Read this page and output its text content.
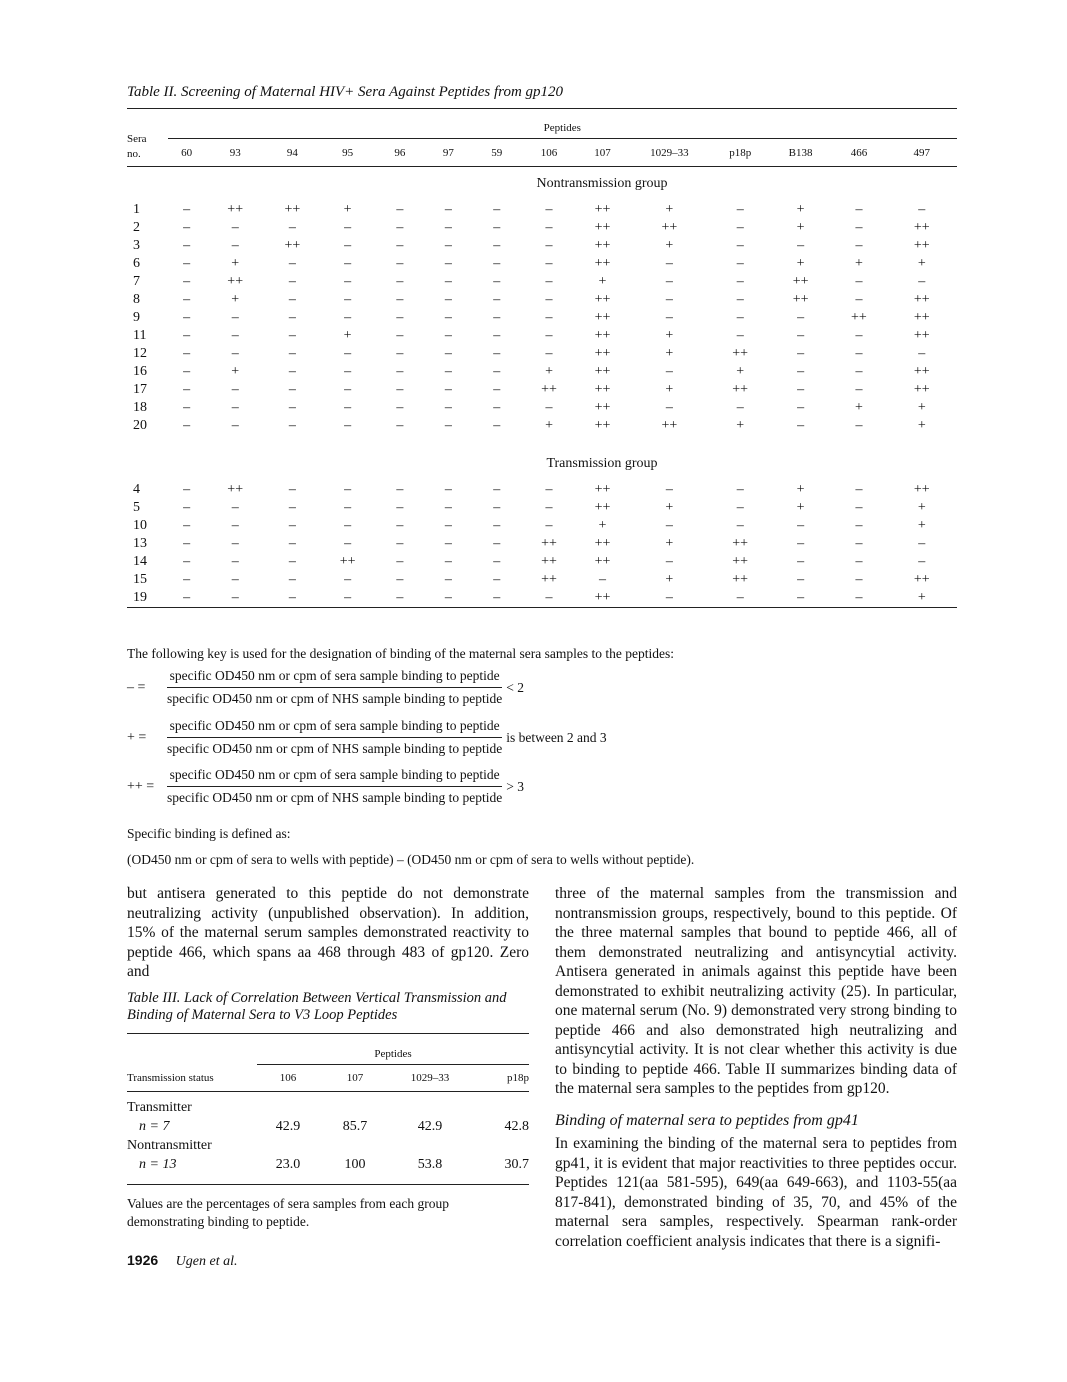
Table II. Screening of Maternal HIV+ Sera Against Peptides from gp120
Sera
no.	Peptides													
	60	93	94	95	96	97	59	106	107	1029–33	p18p	B138	466	497

Nontransmission group														
1	–	++	++	+	–	–	–	–	++	+	–	+	–	–
2	–	–	–	–	–	–	–	–	++	++	–	+	–	++
3	–	–	++	–	–	–	–	–	++	+	–	–	–	++
6	–	+	–	–	–	–	–	–	++	–	–	+	+	+
7	–	++	–	–	–	–	–	–	+	–	–	++	–	–
8	–	+	–	–	–	–	–	–	++	–	–	++	–	++
9	–	–	–	–	–	–	–	–	++	–	–	–	++	++
11	–	–	–	+	–	–	–	–	++	+	–	–	–	++
12	–	–	–	–	–	–	–	–	++	+	++	–	–	–
16	–	+	–	–	–	–	–	+	++	–	+	–	–	++
17	–	–	–	–	–	–	–	++	++	+	++	–	–	++
18	–	–	–	–	–	–	–	–	++	–	–	–	+	+
20	–	–	–	–	–	–	–	+	++	++	+	–	–	+

Transmission group														
4	–	++	–	–	–	–	–	–	++	–	–	+	–	++
5	–	–	–	–	–	–	–	–	++	+	–	+	–	+
10	–	–	–	–	–	–	–	–	+	–	–	–	–	+
13	–	–	–	–	–	–	–	++	++	+	++	–	–	–
14	–	–	–	++	–	–	–	++	++	–	++	–	–	–
15	–	–	–	–	–	–	–	++	–	+	++	–	–	++
19	–	–	–	–	–	–	–	–	++	–	–	–	–	+

The following key is used for the designation of binding of the maternal sera samples to the peptides:

– =	$\frac{\text{specific OD450 nm or cpm of sera sample binding to peptide}}{\text{specific OD450 nm or cpm of NHS sample binding to peptide}} < 2$
+ =	$\frac{\text{specific OD450 nm or cpm of sera sample binding to peptide}}{\text{specific OD450 nm or cpm of NHS sample binding to peptide}}$ is between 2 and 3
++ = $\frac{\text{specific OD450 nm or cpm of sera sample binding to peptide}}{\text{specific OD450 nm or cpm of NHS sample binding to peptide}} > 3$
Specific binding is defined as:
(OD450 nm or cpm of sera to wells with peptide) – (OD450 nm or cpm of sera to wells without peptide).

but antisera generated to this peptide do not demonstrate neutralizing activity (unpublished observation). In addition, 15% of the maternal serum samples demonstrated reactivity to peptide 466, which spans aa 468 through 483 of gp120. Zero and

Table III. Lack of Correlation Between Vertical Transmission and Binding of Maternal Sera to V3 Loop Peptides
	Peptides			
Transmission status	106	107	1029–33	p18p

Transmitter				
n = 7	42.9	85.7	42.9	42.8
Nontransmitter				
n = 13	23.0	100	53.8	30.7

Values are the percentages of sera samples from each group demonstrating binding to peptide.

three of the maternal samples from the transmission and nontransmission groups, respectively, bound to this peptide. Of the three maternal samples that bound to peptide 466, all of them demonstrated neutralizing and antisyncytial activity. Antisera generated in animals against this peptide have been demonstrated to exhibit neutralizing activity (25). In particular, one maternal serum (No. 9) demonstrated very strong binding to peptide 466 and also demonstrated high neutralizing and antisyncytial activity. It is not clear whether this activity is due to binding to peptide 466. Table II summarizes binding data of the maternal sera samples to the peptides from gp120.

Binding of maternal sera to peptides from gp41

In examining the binding of the maternal sera to peptides from gp41, it is evident that major reactivities to three peptides occur. Peptides 121(aa 581-595), 649(aa 649-663), and 1103-55(aa 817-841), demonstrated binding of 35, 70, and 45% of the maternal sera samples, respectively. Spearman rank-order correlation coefficient analysis indicates that there is a signifi-

1926 Ugen et al.
